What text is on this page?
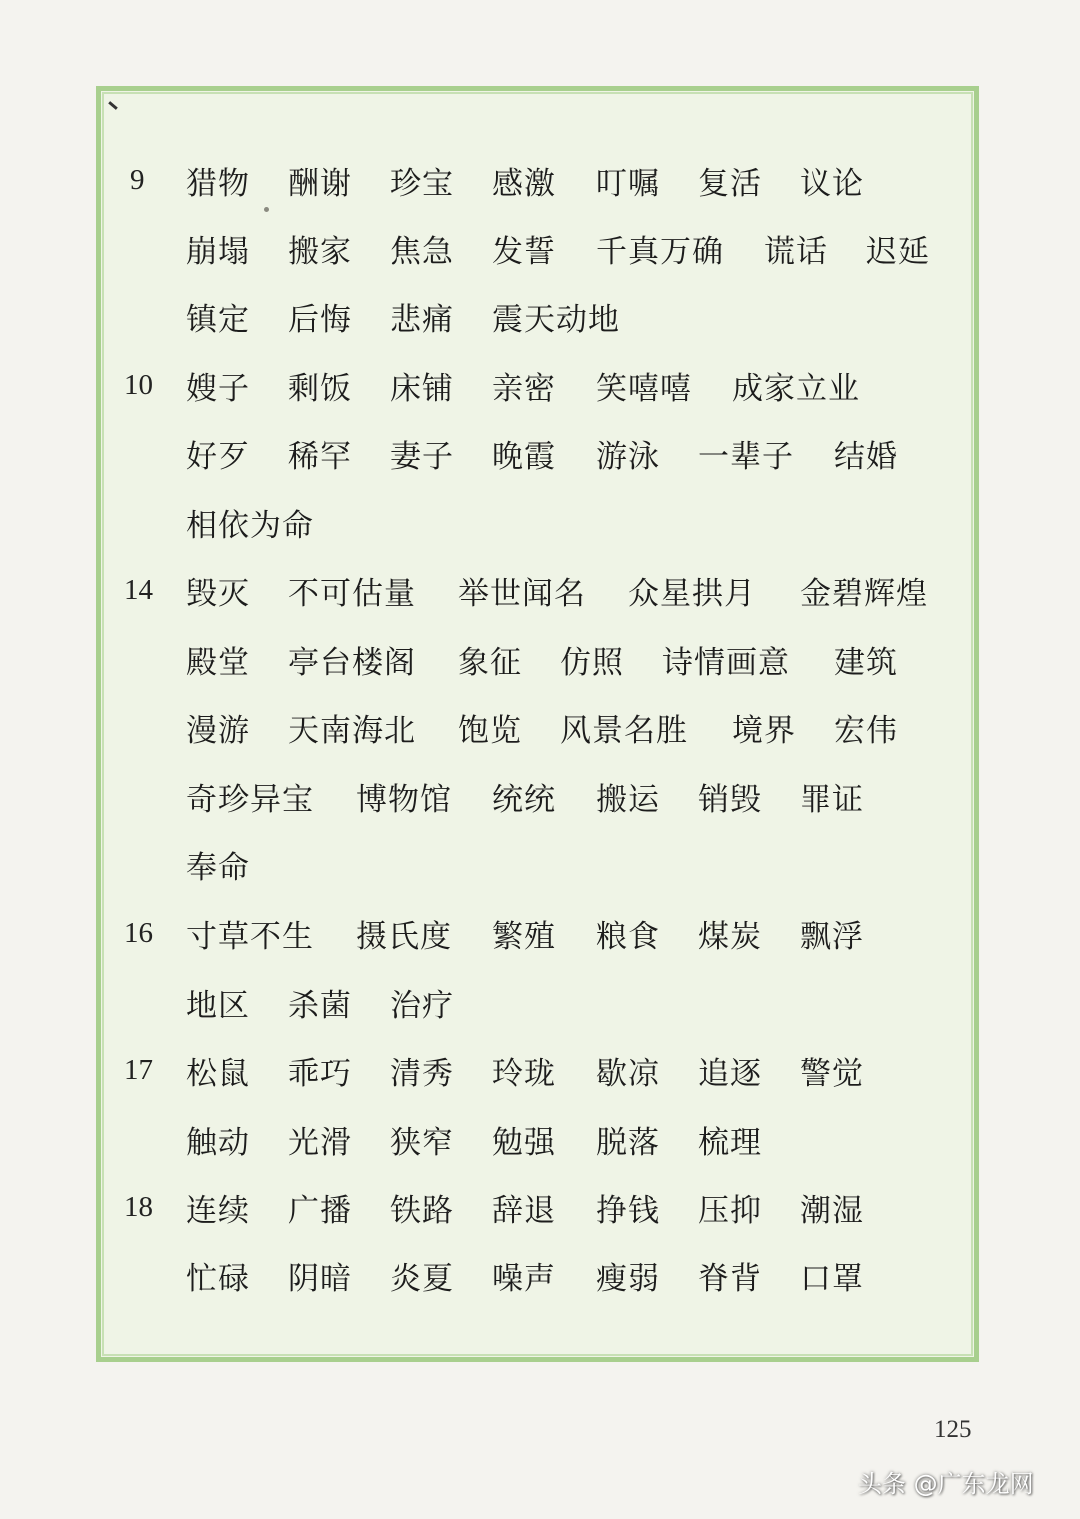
9 猎物 酬谢 珍宝 感激 叮嘱 复活 议论
崩塌 搬家 焦急 发誓 千真万确 谎话 迟延
镇定 后悔 悲痛 震天动地
10 嫂子 剩饭 床铺 亲密 笑嘻嘻 成家立业
好歹 稀罕 妻子 晚霞 游泳 一辈子 结婚
相依为命
14 毁灭 不可估量 举世闻名 众星拱月 金碧辉煌
殿堂 亭台楼阁 象征 仿照 诗情画意 建筑
漫游 天南海北 饱览 风景名胜 境界 宏伟
奇珍异宝 博物馆 统统 搬运 销毁 罪证
奉命
16 寸草不生 摄氏度 繁殖 粮食 煤炭 飘浮
地区 杀菌 治疗
17 松鼠 乖巧 清秀 玲珑 歇凉 追逐 警觉
触动 光滑 狭窄 勉强 脱落 梳理
18 连续 广播 铁路 辞退 挣钱 压抑 潮湿
忙碌 阴暗 炎夏 噪声 瘦弱 脊背 口罩
125
头条 @广东龙网
